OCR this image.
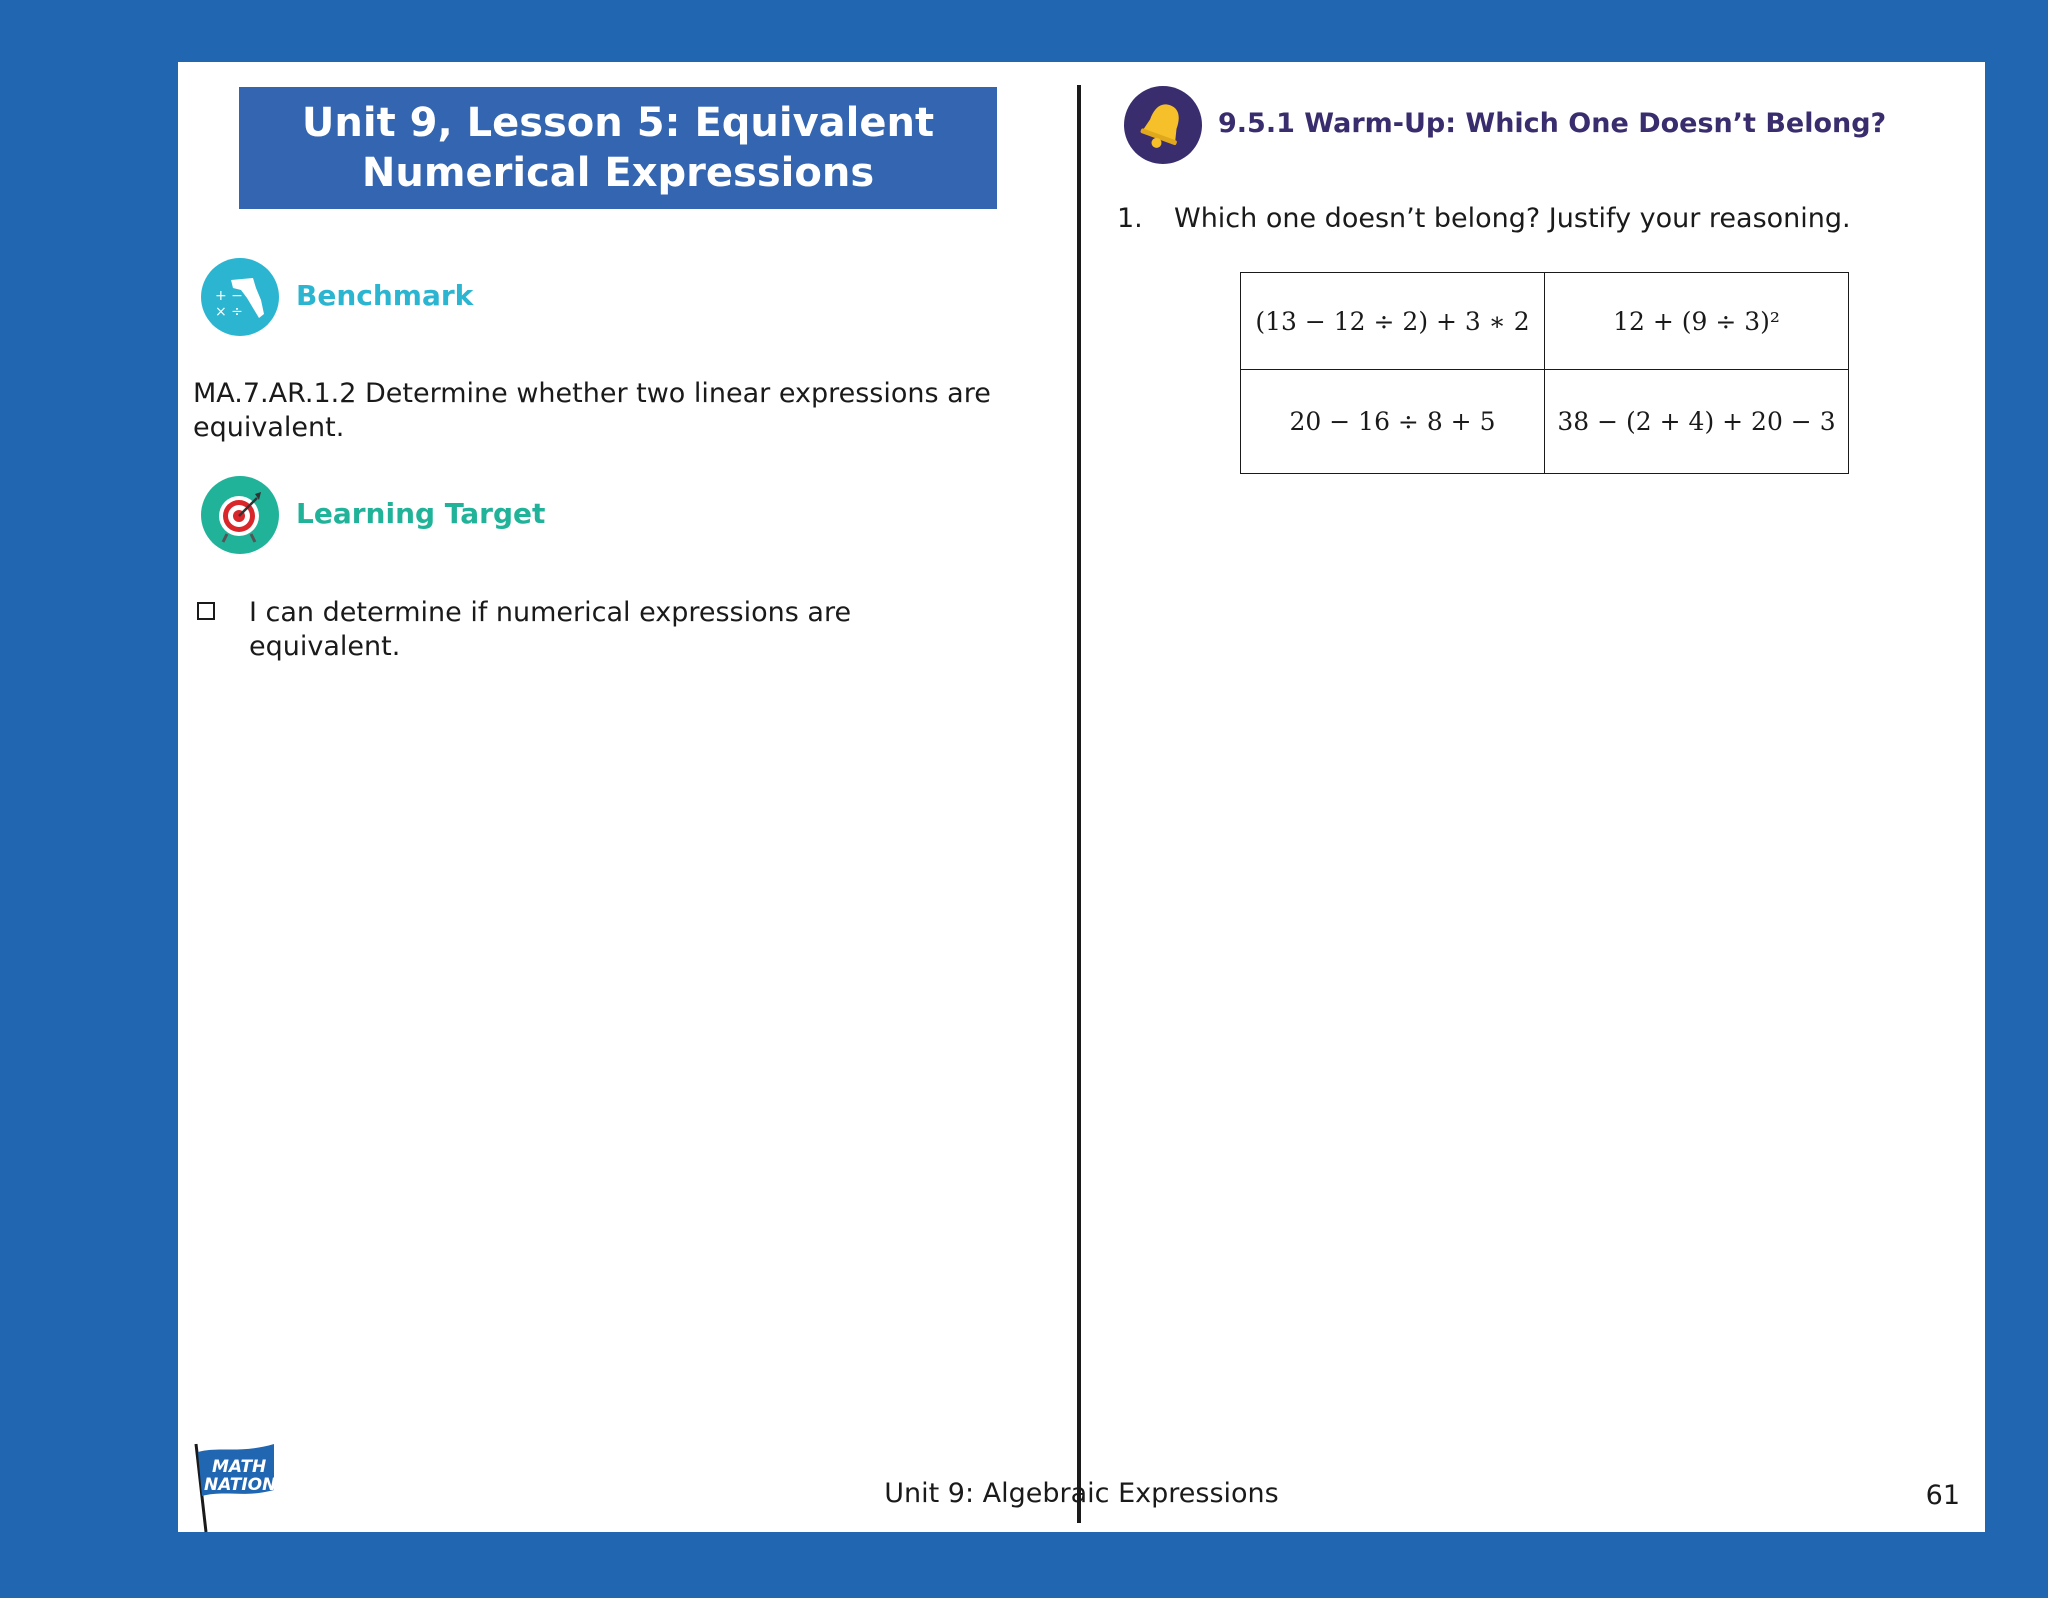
Unit 9, Lesson 5: Equivalent
Numerical Expressions
+ −
× ÷ Benchmark
MA.7.AR.1.2 Determine whether two linear expressions are
equivalent.
Learning Target
I can determine if numerical expressions are
equivalent.
9.5.1 Warm-Up: Which One Doesn’t Belong?
1. Which one doesn’t belong? Justify your reasoning.
(13 − 12 ÷ 2) + 3 ∗ 2	12 + (9 ÷ 3)²
20 − 16 ÷ 8 + 5	38 − (2 + 4) + 20 − 3
MATH
NATION	Unit 9: Algebraic Expressions	61
